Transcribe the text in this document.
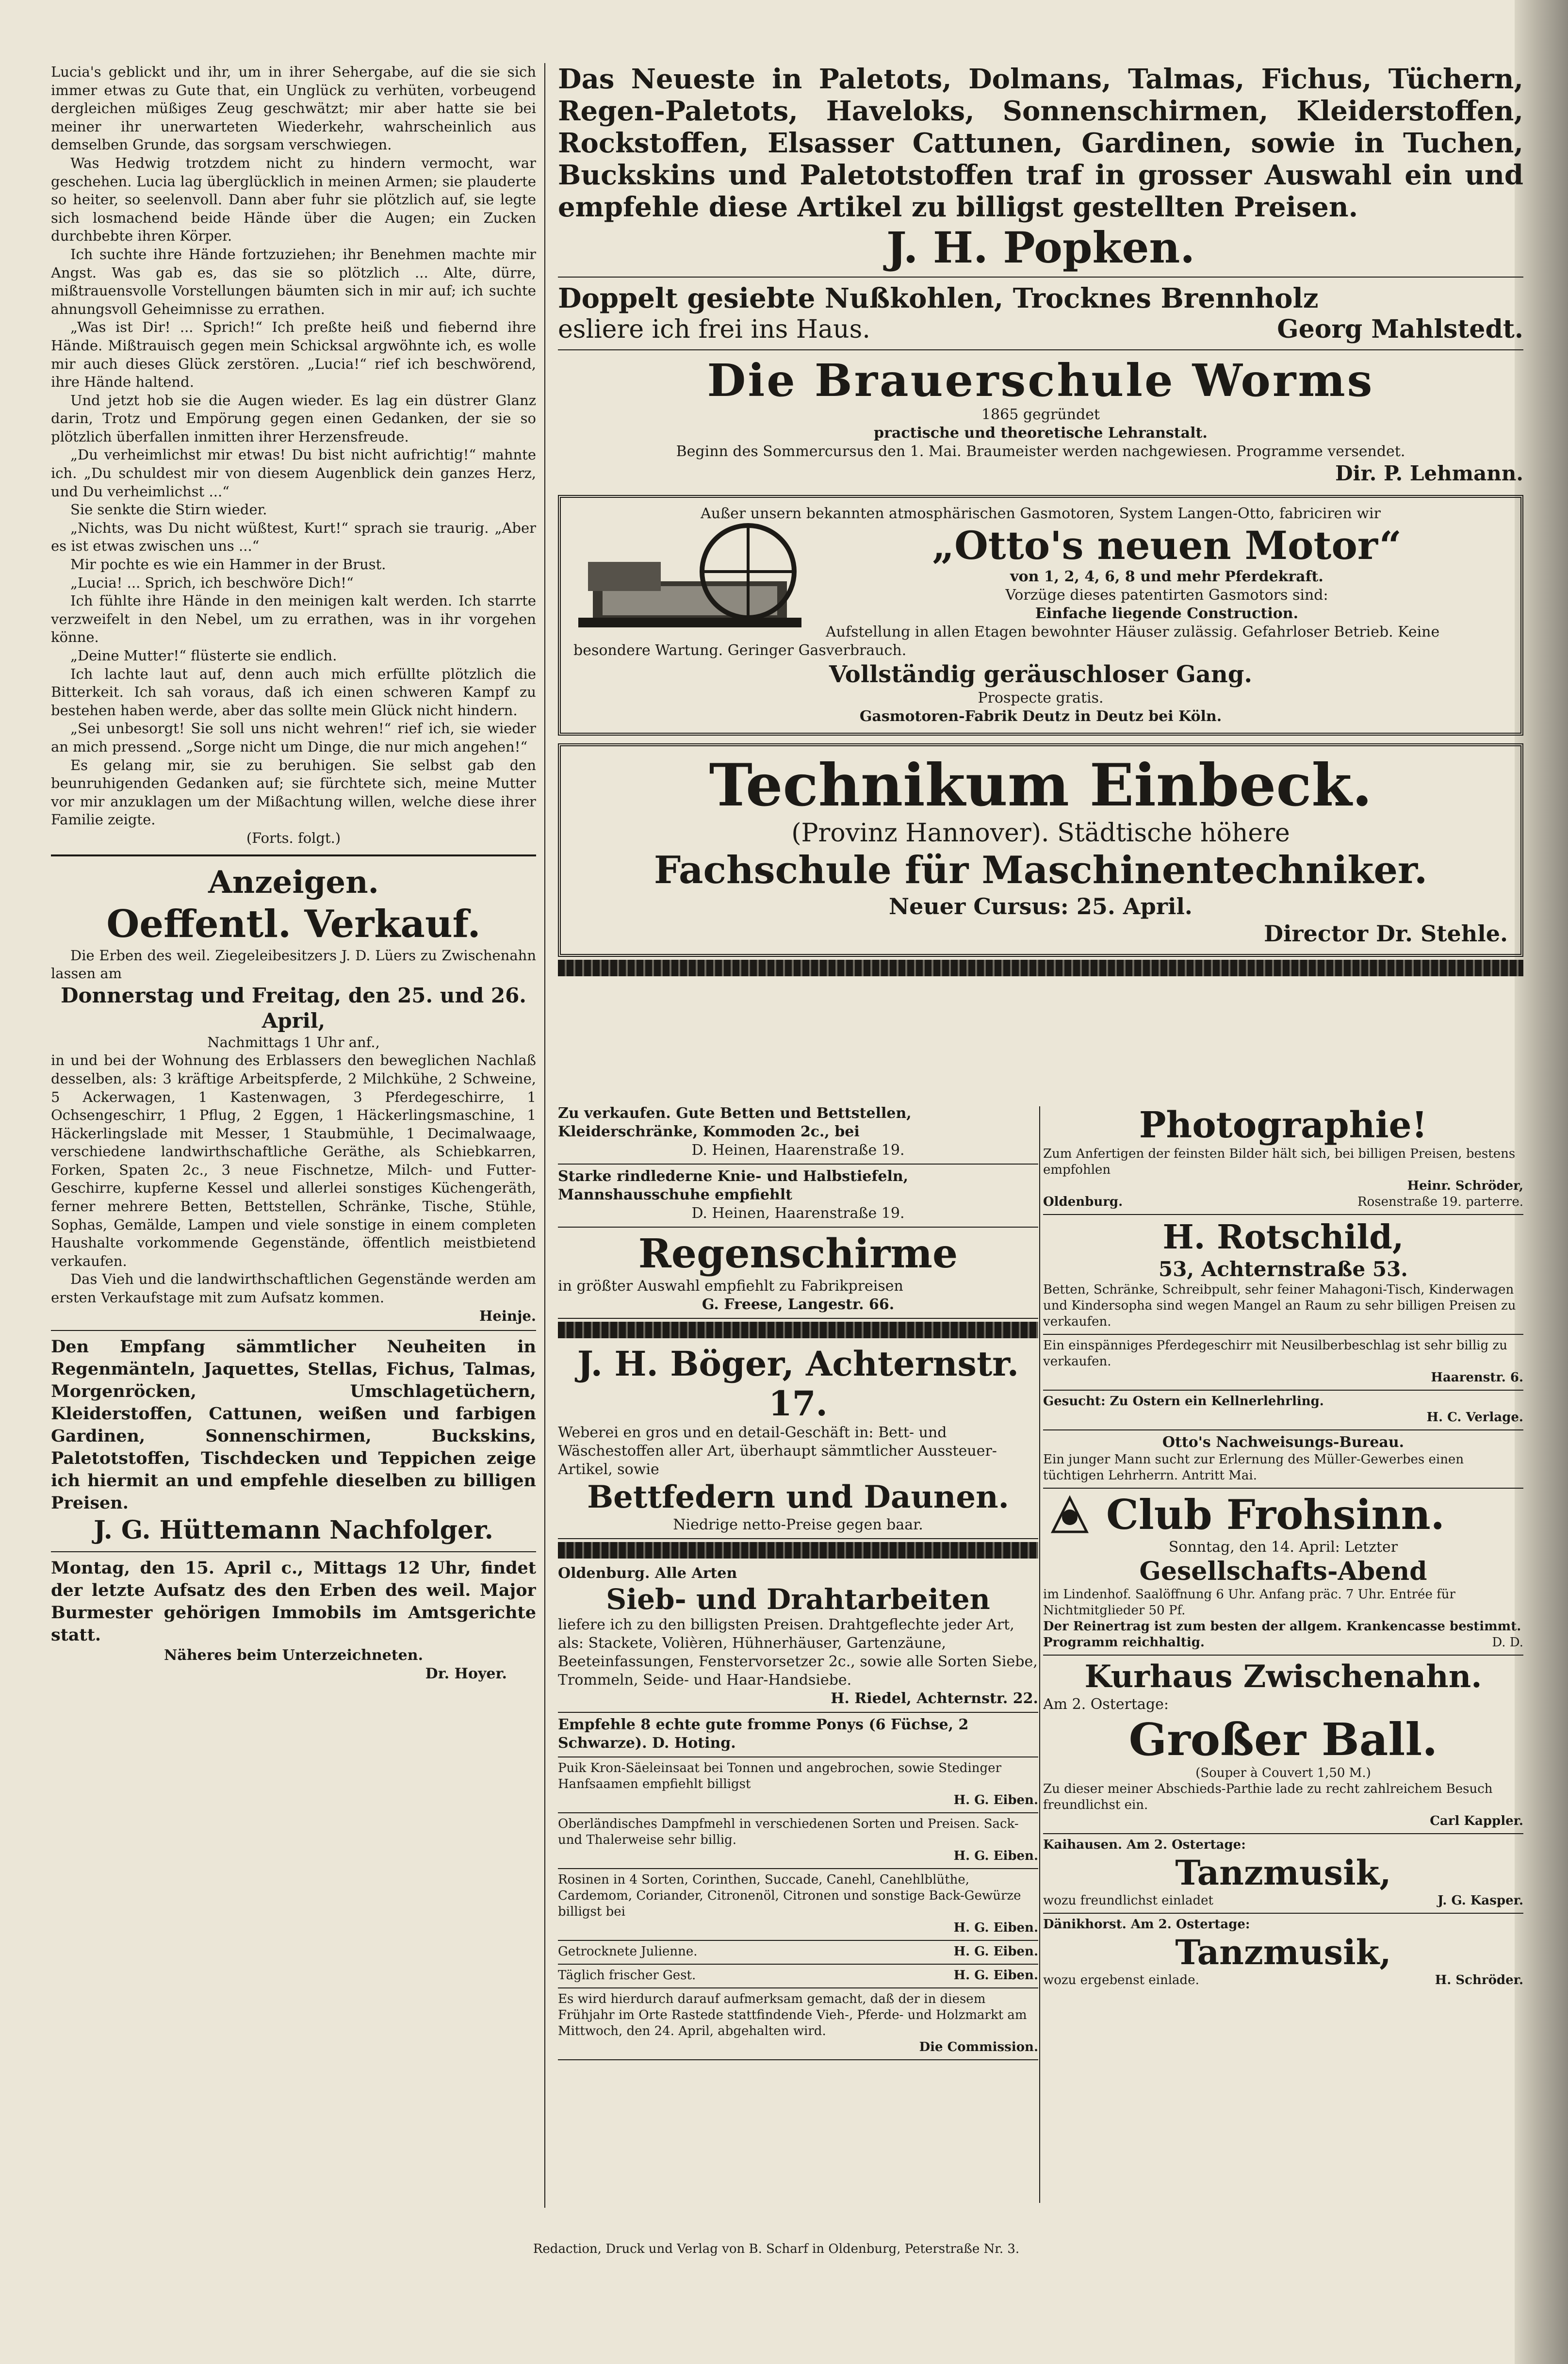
Lucia's geblickt und ihr, um in ihrer Sehergabe, auf die sie sich immer etwas zu Gute that, ein Unglück zu verhüten, vorbeugend dergleichen müßiges Zeug geschwätzt; mir aber hatte sie bei meiner ihr unerwarteten Wiederkehr, wahrscheinlich aus demselben Grunde, das sorgsam verschwiegen.

Was Hedwig trotzdem nicht zu hindern vermocht, war geschehen. Lucia lag überglücklich in meinen Armen; sie plauderte so heiter, so seelenvoll. Dann aber fuhr sie plötzlich auf, sie legte sich losmachend beide Hände über die Augen; ein Zucken durchbebte ihren Körper.

Ich suchte ihre Hände fortzuziehen; ihr Benehmen machte mir Angst. Was gab es, das sie so plötzlich ... Alte, dürre, mißtrauensvolle Vorstellungen bäumten sich in mir auf; ich suchte ahnungsvoll Geheimnisse zu errathen.

„Was ist Dir! ... Sprich!“ Ich preßte heiß und fiebernd ihre Hände. Mißtrauisch gegen mein Schicksal argwöhnte ich, es wolle mir auch dieses Glück zerstören. „Lucia!“ rief ich beschwörend, ihre Hände haltend.

Und jetzt hob sie die Augen wieder. Es lag ein düstrer Glanz darin, Trotz und Empörung gegen einen Gedanken, der sie so plötzlich überfallen inmitten ihrer Herzensfreude.

„Du verheimlichst mir etwas! Du bist nicht aufrichtig!“ mahnte ich. „Du schuldest mir von diesem Augenblick dein ganzes Herz, und Du verheimlichst ...“

Sie senkte die Stirn wieder.

„Nichts, was Du nicht wüßtest, Kurt!“ sprach sie traurig. „Aber es ist etwas zwischen uns ...“

Mir pochte es wie ein Hammer in der Brust.

„Lucia! ... Sprich, ich beschwöre Dich!“

Ich fühlte ihre Hände in den meinigen kalt werden. Ich starrte verzweifelt in den Nebel, um zu errathen, was in ihr vorgehen könne.

„Deine Mutter!“ flüsterte sie endlich.

Ich lachte laut auf, denn auch mich erfüllte plötzlich die Bitterkeit. Ich sah voraus, daß ich einen schweren Kampf zu bestehen haben werde, aber das sollte mein Glück nicht hindern.

„Sei unbesorgt! Sie soll uns nicht wehren!“ rief ich, sie wieder an mich pressend. „Sorge nicht um Dinge, die nur mich angehen!“

Es gelang mir, sie zu beruhigen. Sie selbst gab den beunruhigenden Gedanken auf; sie fürchtete sich, meine Mutter vor mir anzuklagen um der Mißachtung willen, welche diese ihrer Familie zeigte.

(Forts. folgt.)

Anzeigen.
Oeffentl. Verkauf.

Die Erben des weil. Ziegeleibesitzers J. D. Lüers zu Zwischenahn lassen am

Donnerstag und Freitag, den 25. und 26. April,

Nachmittags 1 Uhr anf.,

in und bei der Wohnung des Erblassers den beweglichen Nachlaß desselben, als: 3 kräftige Arbeitspferde, 2 Milchkühe, 2 Schweine, 5 Ackerwagen, 1 Kastenwagen, 3 Pferdegeschirre, 1 Ochsengeschirr, 1 Pflug, 2 Eggen, 1 Häckerlingsmaschine, 1 Häckerlingslade mit Messer, 1 Staubmühle, 1 Decimalwaage, verschiedene landwirthschaftliche Geräthe, als Schiebkarren, Forken, Spaten 2c., 3 neue Fischnetze, Milch- und Futter-Geschirre, kupferne Kessel und allerlei sonstiges Küchengeräth, ferner mehrere Betten, Bettstellen, Schränke, Tische, Stühle, Sophas, Gemälde, Lampen und viele sonstige in einem completen Haushalte vorkommende Gegenstände, öffentlich meistbietend verkaufen.

Das Vieh und die landwirthschaftlichen Gegenstände werden am ersten Verkaufstage mit zum Aufsatz kommen.

Heinje.

Den Empfang sämmtlicher Neuheiten in Regenmänteln, Jaquettes, Stellas, Fichus, Talmas, Morgenröcken, Umschlagetüchern, Kleiderstoffen, Cattunen, weißen und farbigen Gardinen, Sonnenschirmen, Buckskins, Paletotstoffen, Tischdecken und Teppichen zeige ich hiermit an und empfehle dieselben zu billigen Preisen.
J. G. Hüttemann Nachfolger.
Montag, den 15. April c., Mittags 12 Uhr, findet der letzte Aufsatz des den Erben des weil. Major Burmester gehörigen Immobils im Amtsgerichte statt.
Näheres beim Unterzeichneten.
Dr. Hoyer.
Das Neueste in Paletots, Dolmans, Talmas, Fichus, Tüchern, Regen-Paletots, Haveloks, Sonnenschirmen, Kleiderstoffen, Rockstoffen, Elsasser Cattunen, Gardinen, sowie in Tuchen, Buckskins und Paletotstoffen traf in grosser Auswahl ein und empfehle diese Artikel zu billigst gestellten Preisen.
J. H. Popken.
Doppelt gesiebte Nußkohlen, Trocknes Brennholz
esliere ich frei ins Haus.	Georg Mahlstedt.
Die Brauerschule Worms
1865 gegründet
practische und theoretische Lehranstalt.
Beginn des Sommercursus den 1. Mai. Braumeister werden nachgewiesen. Programme versendet.
Dir. P. Lehmann.
Außer unsern bekannten atmosphärischen Gasmotoren, System Langen-Otto, fabriciren wir
„Otto's neuen Motor“
von 1, 2, 4, 6, 8 und mehr Pferdekraft.
Vorzüge dieses patentirten Gasmotors sind:
Einfache liegende Construction.
Aufstellung in allen Etagen bewohnter Häuser zulässig. Gefahrloser Betrieb. Keine besondere Wartung. Geringer Gasverbrauch.
Vollständig geräuschloser Gang.
Prospecte gratis.
Gasmotoren-Fabrik Deutz in Deutz bei Köln.
Technikum Einbeck.
(Provinz Hannover). Städtische höhere
Fachschule für Maschinentechniker.
Neuer Cursus: 25. April.
Director Dr. Stehle.
Zu verkaufen. Gute Betten und Bettstellen, Kleiderschränke, Kommoden 2c., bei
D. Heinen, Haarenstraße 19.
Starke rindlederne Knie- und Halbstiefeln, Mannshausschuhe empfiehlt
D. Heinen, Haarenstraße 19.
Regenschirme
in größter Auswahl empfiehlt zu Fabrikpreisen
G. Freese, Langestr. 66.
J. H. Böger, Achternstr. 17.
Weberei en gros und en detail-Geschäft in: Bett- und Wäschestoffen aller Art, überhaupt sämmtlicher Aussteuer-Artikel, sowie
Bettfedern und Daunen.
Niedrige netto-Preise gegen baar.
Oldenburg. Alle Arten
Sieb- und Drahtarbeiten
liefere ich zu den billigsten Preisen. Drahtgeflechte jeder Art, als: Stackete, Volièren, Hühnerhäuser, Gartenzäune, Beeteinfassungen, Fenstervorsetzer 2c., sowie alle Sorten Siebe, Trommeln, Seide- und Haar-Handsiebe.
H. Riedel, Achternstr. 22.
Empfehle 8 echte gute fromme Ponys (6 Füchse, 2 Schwarze). D. Hoting.
Puik Kron-Säeleinsaat bei Tonnen und angebrochen, sowie Stedinger Hanfsaamen empfiehlt billigst
H. G. Eiben.
Oberländisches Dampfmehl in verschiedenen Sorten und Preisen. Sack- und Thalerweise sehr billig.
H. G. Eiben.
Rosinen in 4 Sorten, Corinthen, Succade, Canehl, Canehlblüthe, Cardemom, Coriander, Citronenöl, Citronen und sonstige Back-Gewürze billigst bei
H. G. Eiben.
Getrocknete Julienne.	H. G. Eiben.
Täglich frischer Gest.	H. G. Eiben.
Es wird hierdurch darauf aufmerksam gemacht, daß der in diesem Frühjahr im Orte Rastede stattfindende Vieh-, Pferde- und Holzmarkt am Mittwoch, den 24. April, abgehalten wird.
Die Commission.
Photographie!
Zum Anfertigen der feinsten Bilder hält sich, bei billigen Preisen, bestens empfohlen
Heinr. Schröder,
Oldenburg.	Rosenstraße 19. parterre.
H. Rotschild,
53, Achternstraße 53.
Betten, Schränke, Schreibpult, sehr feiner Mahagoni-Tisch, Kinderwagen und Kindersopha sind wegen Mangel an Raum zu sehr billigen Preisen zu verkaufen.
Ein einspänniges Pferdegeschirr mit Neusilberbeschlag ist sehr billig zu verkaufen.
Haarenstr. 6.
Gesucht: Zu Ostern ein Kellnerlehrling.
H. C. Verlage.
Otto's Nachweisungs-Bureau.
Ein junger Mann sucht zur Erlernung des Müller-Gewerbes einen tüchtigen Lehrherrn. Antritt Mai.
Club Frohsinn.
Sonntag, den 14. April: Letzter
Gesellschafts-Abend
im Lindenhof. Saalöffnung 6 Uhr. Anfang präc. 7 Uhr. Entrée für Nichtmitglieder 50 Pf.
Der Reinertrag ist zum besten der allgem. Krankencasse bestimmt.
Programm reichhaltig.	D. D.
Kurhaus Zwischenahn.
Am 2. Ostertage:
Großer Ball.
(Souper à Couvert 1,50 M.)
Zu dieser meiner Abschieds-Parthie lade zu recht zahlreichem Besuch freundlichst ein.
Carl Kappler.
Kaihausen. Am 2. Ostertage:
Tanzmusik,
wozu freundlichst einladet	J. G. Kasper.
Dänikhorst. Am 2. Ostertage:
Tanzmusik,
wozu ergebenst einlade.	H. Schröder.
Redaction, Druck und Verlag von B. Scharf in Oldenburg, Peterstraße Nr. 3.
